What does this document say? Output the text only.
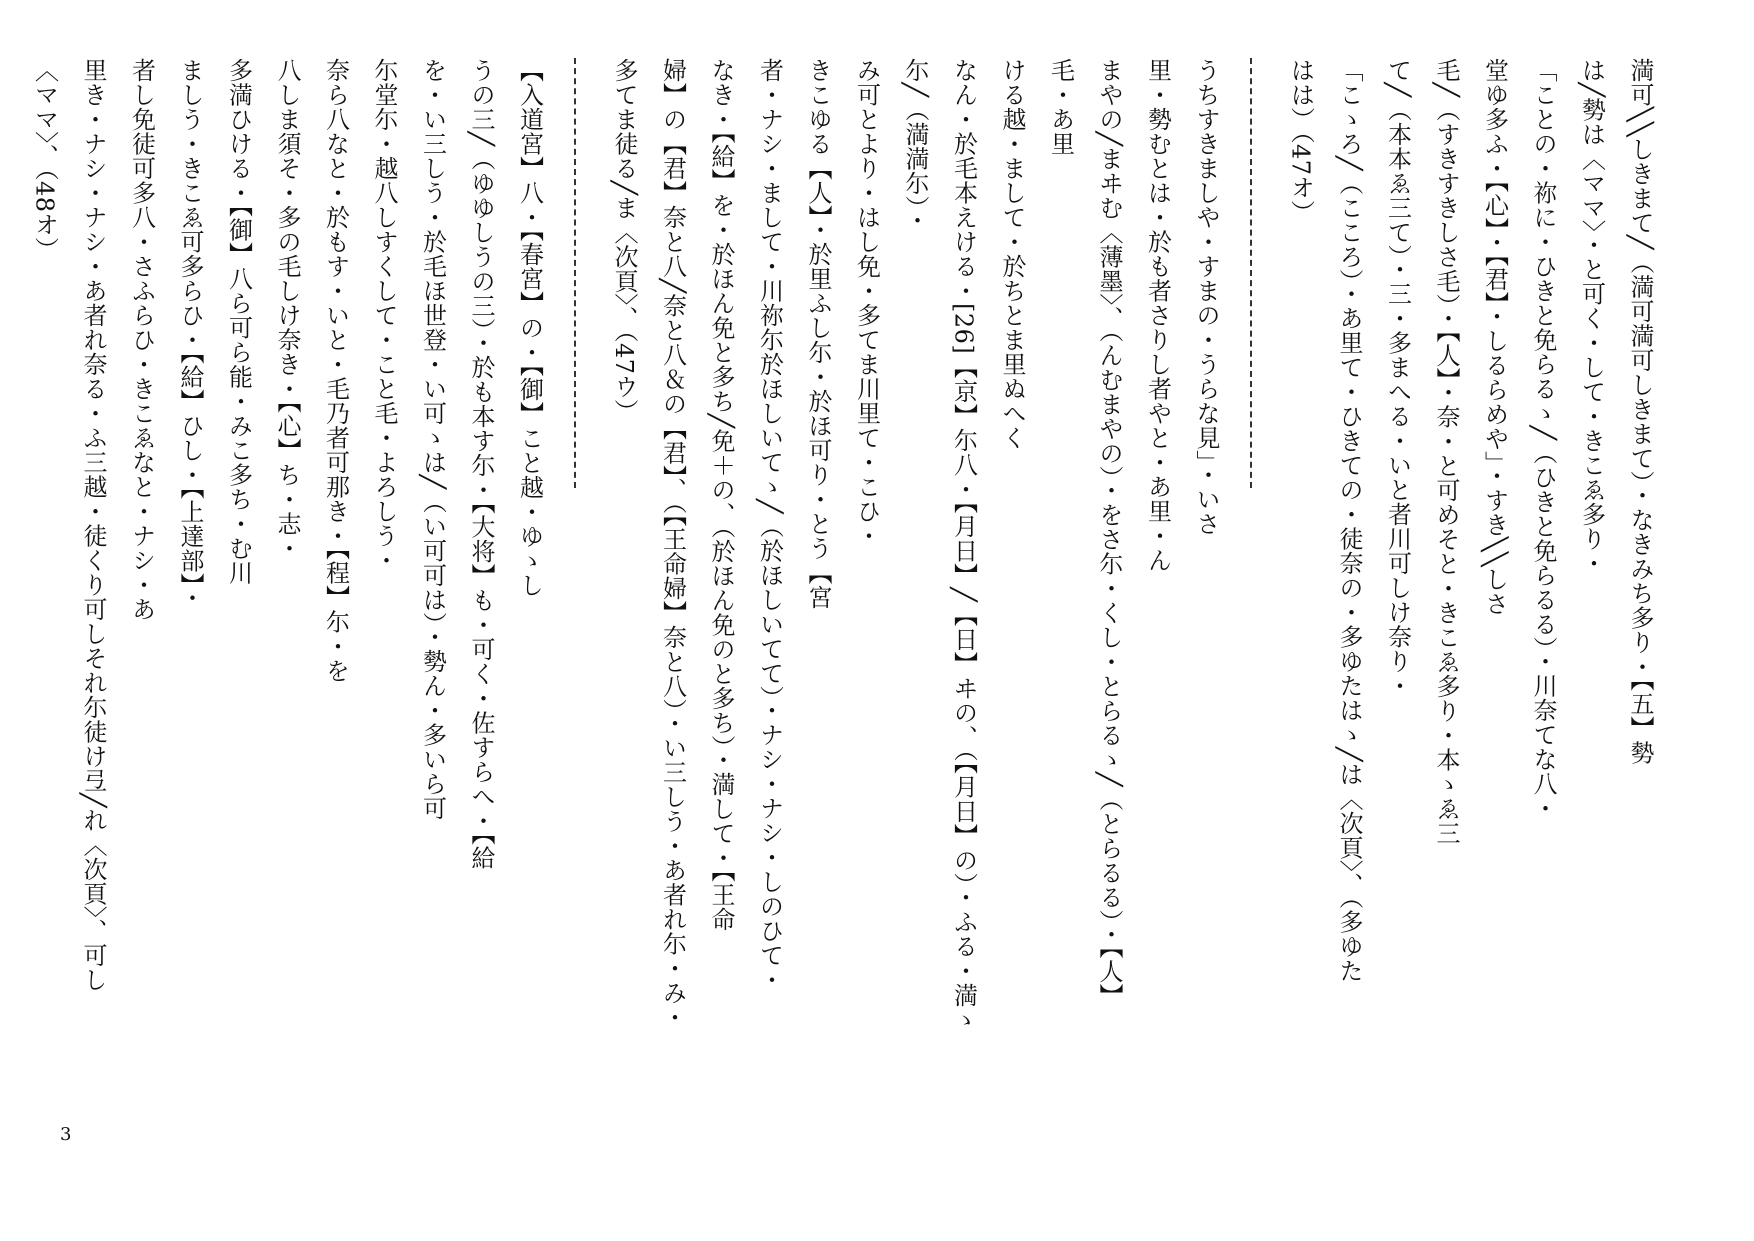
満可╲╲しきまて╱（満可満可しきまて）・なきみち多り・【五】勢
は╱勢は〈ママ〉・と可く・して・きこゑ多り・
「ことの・祢に・ひきと免らるゝ╱（ひきと免らるる）・川奈てな八・
堂ゆ多ふ・【心】・【君】・しるらめや」・すき╲╲しさ
毛╱（すきすきしさ毛）・【人】・奈・と可めそと・きこゑ多り・本ゝゑ三
て╱（本本ゑ三て）・三・多まへる・いと者川可しけ奈り・
「こゝろ╱（こころ）・あ里て・ひきての・徒奈の・多ゆたはゝ╱は〈次頁〉、（多ゆた
はは）（47オ）
うちすきましや・すまの・うらな見」・いさ
里・勢むとは・於も者さりし者やと・あ里・ん
まやの╱まヰむ〈薄墨〉、（んむまやの）・をさ尓・くし・とらるゝ╱（とらるる）・【人】
毛・あ里
ける越・まして・於ちとま里ぬへく
なん・於毛本えける・[26]【京】尓八・【月日】╱【日】ヰの、（【月日】の）・ふる・満ゝ
尓╱（満満尓）・
み可とより・はし免・多てま川里て・こひ・
きこゆる【人】・於里ふし尓・於ほ可り・とう【宮
者・ナシ・まして・川祢尓於ほしいてゝ╱（於ほしいてて）・ナシ・ナシ・しのひて・
なき・【給】を・於ほん免と多ち╱免＋の、（於ほん免のと多ち）・満して・【王命
婦】の【君】奈と八╱奈と八＆の【君】、（【王命婦】奈と八）・い三しう・あ者れ尓・み・
多てま徒る╱ま〈次頁〉、（47ウ）
【入道宮】八・【春宮】の・【御】こと越・ゆゝし
うの三╱（ゆゆしうの三）・於も本す尓・【大将】も・可く・佐すらへ・【給
を・い三しう・於毛ほ世登・い可ゝは╱（い可可は）・勢ん・多いら可
尓堂尓・越八しすくして・こと毛・よろしう・
奈ら八なと・於もす・いと・毛乃者可那き・【程】尓・を
八しま須そ・多の毛しけ奈き・【心】ち・志・
多満ひける・【御】八ら可ら能・みこ多ち・む川
ましう・きこゑ可多らひ・【給】ひし・【上達部】・
者し免徒可多八・さふらひ・きこゑなと・ナシ・あ
里き・ナシ・ナシ・あ者れ奈る・ふ三越・徒くり可しそれ尓徒け弖╱れ〈次頁〉、可し
〈ママ〉、（48オ）
3
